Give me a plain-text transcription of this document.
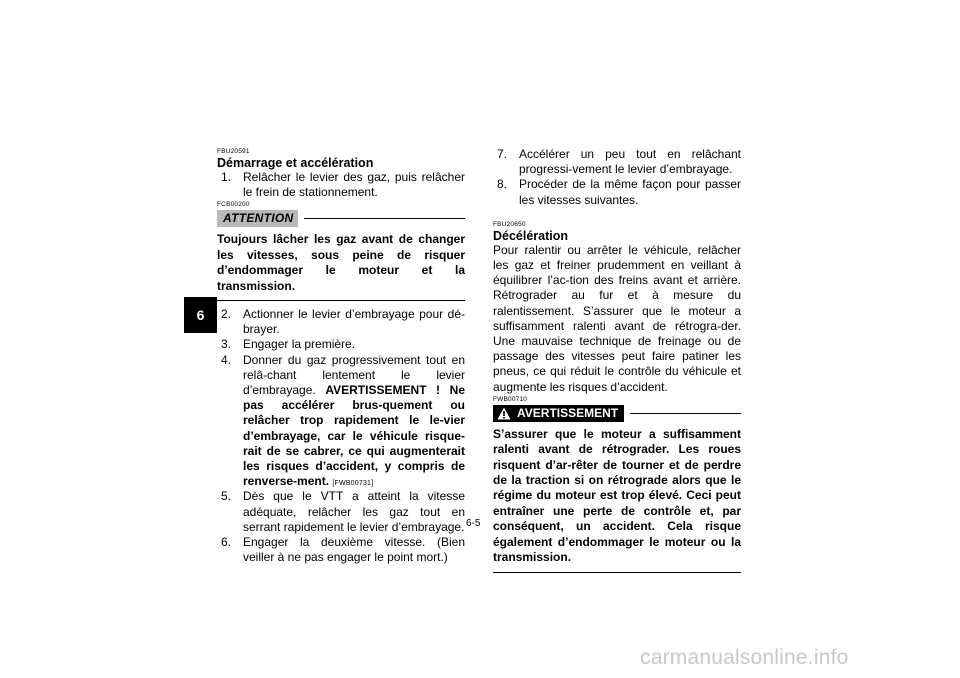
6
FBU20591
Démarrage et accélération
1. Relâcher le levier des gaz, puis relâcher le frein de stationnement.
FCB00200
ATTENTION
Toujours lâcher les gaz avant de changer les vitesses, sous peine de risquer d’endommager le moteur et la transmission.
2. Actionner le levier d’embrayage pour dé-brayer.
3. Engager la première.
4. Donner du gaz progressivement tout en relâ-chant lentement le levier d’embrayage. AVERTISSEMENT ! Ne pas accélérer brus-quement ou relâcher trop rapidement le le-vier d’embrayage, car le véhicule risque-rait de se cabrer, ce qui augmenterait les risques d’accident, y compris de renverse-ment. [FWB00731]
5. Dès que le VTT a atteint la vitesse adéquate, relâcher les gaz tout en serrant rapidement le levier d’embrayage.
6. Engager la deuxième vitesse. (Bien veiller à ne pas engager le point mort.)
7. Accélérer un peu tout en relâchant progressi-vement le levier d’embrayage.
8. Procéder de la même façon pour passer les vitesses suivantes.
FBU20650
Décélération
Pour ralentir ou arrêter le véhicule, relâcher les gaz et freiner prudemment en veillant à équilibrer l’ac-tion des freins avant et arrière. Rétrograder au fur et à mesure du ralentissement. S’assurer que le moteur a suffisamment ralenti avant de rétrogra-der. Une mauvaise technique de freinage ou de passage des vitesses peut faire patiner les pneus, ce qui réduit le contrôle du véhicule et augmente les risques d’accident.
FWB00710
AVERTISSEMENT
S’assurer que le moteur a suffisamment ralenti avant de rétrograder. Les roues risquent d’ar-rêter de tourner et de perdre de la traction si on rétrograde alors que le régime du moteur est trop élevé. Ceci peut entraîner une perte de contrôle et, par conséquent, un accident. Cela risque également d’endommager le moteur ou la transmission.
6-5
carmanualsonline.info
